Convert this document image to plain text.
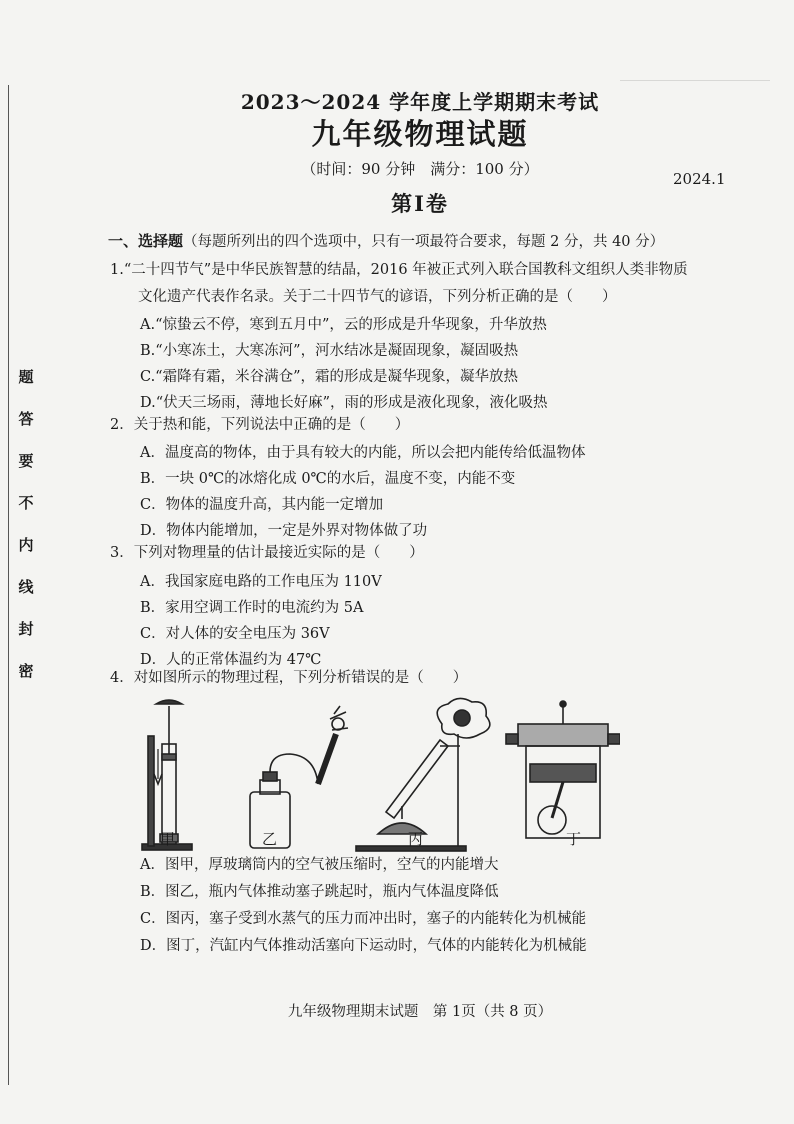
题
答
要
不
内
线
封
密
2023～2024 学年度上学期期末考试
九年级物理试题
（时间：90 分钟　满分：100 分）
2024.1
第Ⅰ卷
一、选择题（每题所列出的四个选项中，只有一项最符合要求，每题 2 分，共 40 分）
1.“二十四节气”是中华民族智慧的结晶，2016 年被正式列入联合国教科文组织人类非物质
文化遗产代表作名录。关于二十四节气的谚语，下列分析正确的是（　　）
A.“惊蛰云不停，寒到五月中”，云的形成是升华现象，升华放热
B.“小寒冻土，大寒冻河”，河水结冰是凝固现象，凝固吸热
C.“霜降有霜，米谷满仓”，霜的形成是凝华现象，凝华放热
D.“伏天三场雨，薄地长好麻”，雨的形成是液化现象，液化吸热
2．关于热和能，下列说法中正确的是（　　）
A．温度高的物体，由于具有较大的内能，所以会把内能传给低温物体
B．一块 0℃的冰熔化成 0℃的水后，温度不变，内能不变
C．物体的温度升高，其内能一定增加
D．物体内能增加，一定是外界对物体做了功
3．下列对物理量的估计最接近实际的是（　　）
A．我国家庭电路的工作电压为 110V
B．家用空调工作时的电流约为 5A
C．对人体的安全电压为 36V
D．人的正常体温约为 47℃
4．对如图所示的物理过程，下列分析错误的是（　　）
甲	乙	丙	丁
A．图甲，厚玻璃筒内的空气被压缩时，空气的内能增大
B．图乙，瓶内气体推动塞子跳起时，瓶内气体温度降低
C．图丙，塞子受到水蒸气的压力而冲出时，塞子的内能转化为机械能
D．图丁，汽缸内气体推动活塞向下运动时，气体的内能转化为机械能
九年级物理期末试题　第 1页（共 8 页）
